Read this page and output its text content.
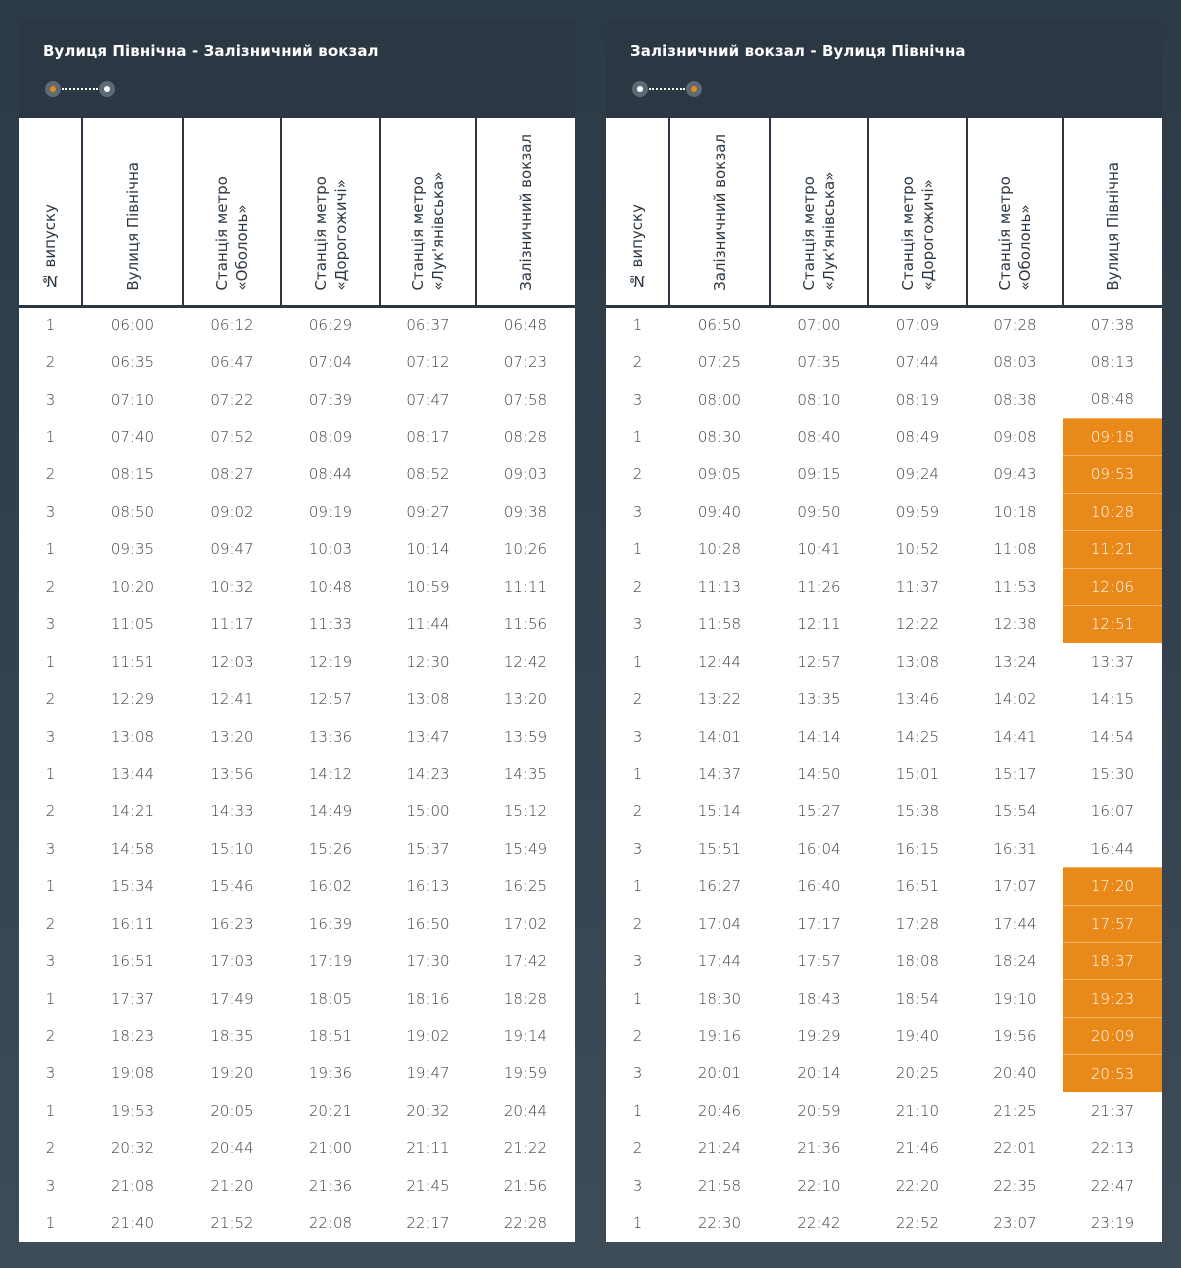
Вулиця Північна - Залізничний вокзал
№ випуску	Вулиця Північна	Станція метро «Оболонь»	Станція метро «Дорогожичі»	Станція метро «Лук'янівська»	Залізничний вокзал

1	06:00	06:12	06:29	06:37	06:48
2	06:35	06:47	07:04	07:12	07:23
3	07:10	07:22	07:39	07:47	07:58
1	07:40	07:52	08:09	08:17	08:28
2	08:15	08:27	08:44	08:52	09:03
3	08:50	09:02	09:19	09:27	09:38
1	09:35	09:47	10:03	10:14	10:26
2	10:20	10:32	10:48	10:59	11:11
3	11:05	11:17	11:33	11:44	11:56
1	11:51	12:03	12:19	12:30	12:42
2	12:29	12:41	12:57	13:08	13:20
3	13:08	13:20	13:36	13:47	13:59
1	13:44	13:56	14:12	14:23	14:35
2	14:21	14:33	14:49	15:00	15:12
3	14:58	15:10	15:26	15:37	15:49
1	15:34	15:46	16:02	16:13	16:25
2	16:11	16:23	16:39	16:50	17:02
3	16:51	17:03	17:19	17:30	17:42
1	17:37	17:49	18:05	18:16	18:28
2	18:23	18:35	18:51	19:02	19:14
3	19:08	19:20	19:36	19:47	19:59
1	19:53	20:05	20:21	20:32	20:44
2	20:32	20:44	21:00	21:11	21:22
3	21:08	21:20	21:36	21:45	21:56
1	21:40	21:52	22:08	22:17	22:28
Залізничний вокзал - Вулиця Північна
№ випуску	Залізничний вокзал	Станція метро «Лук'янівська»	Станція метро «Дорогожичі»	Станція метро «Оболонь»	Вулиця Північна

1	06:50	07:00	07:09	07:28	07:38
2	07:25	07:35	07:44	08:03	08:13
3	08:00	08:10	08:19	08:38	08:48
1	08:30	08:40	08:49	09:08	09:18
2	09:05	09:15	09:24	09:43	09:53
3	09:40	09:50	09:59	10:18	10:28
1	10:28	10:41	10:52	11:08	11:21
2	11:13	11:26	11:37	11:53	12:06
3	11:58	12:11	12:22	12:38	12:51
1	12:44	12:57	13:08	13:24	13:37
2	13:22	13:35	13:46	14:02	14:15
3	14:01	14:14	14:25	14:41	14:54
1	14:37	14:50	15:01	15:17	15:30
2	15:14	15:27	15:38	15:54	16:07
3	15:51	16:04	16:15	16:31	16:44
1	16:27	16:40	16:51	17:07	17:20
2	17:04	17:17	17:28	17:44	17:57
3	17:44	17:57	18:08	18:24	18:37
1	18:30	18:43	18:54	19:10	19:23
2	19:16	19:29	19:40	19:56	20:09
3	20:01	20:14	20:25	20:40	20:53
1	20:46	20:59	21:10	21:25	21:37
2	21:24	21:36	21:46	22:01	22:13
3	21:58	22:10	22:20	22:35	22:47
1	22:30	22:42	22:52	23:07	23:19
